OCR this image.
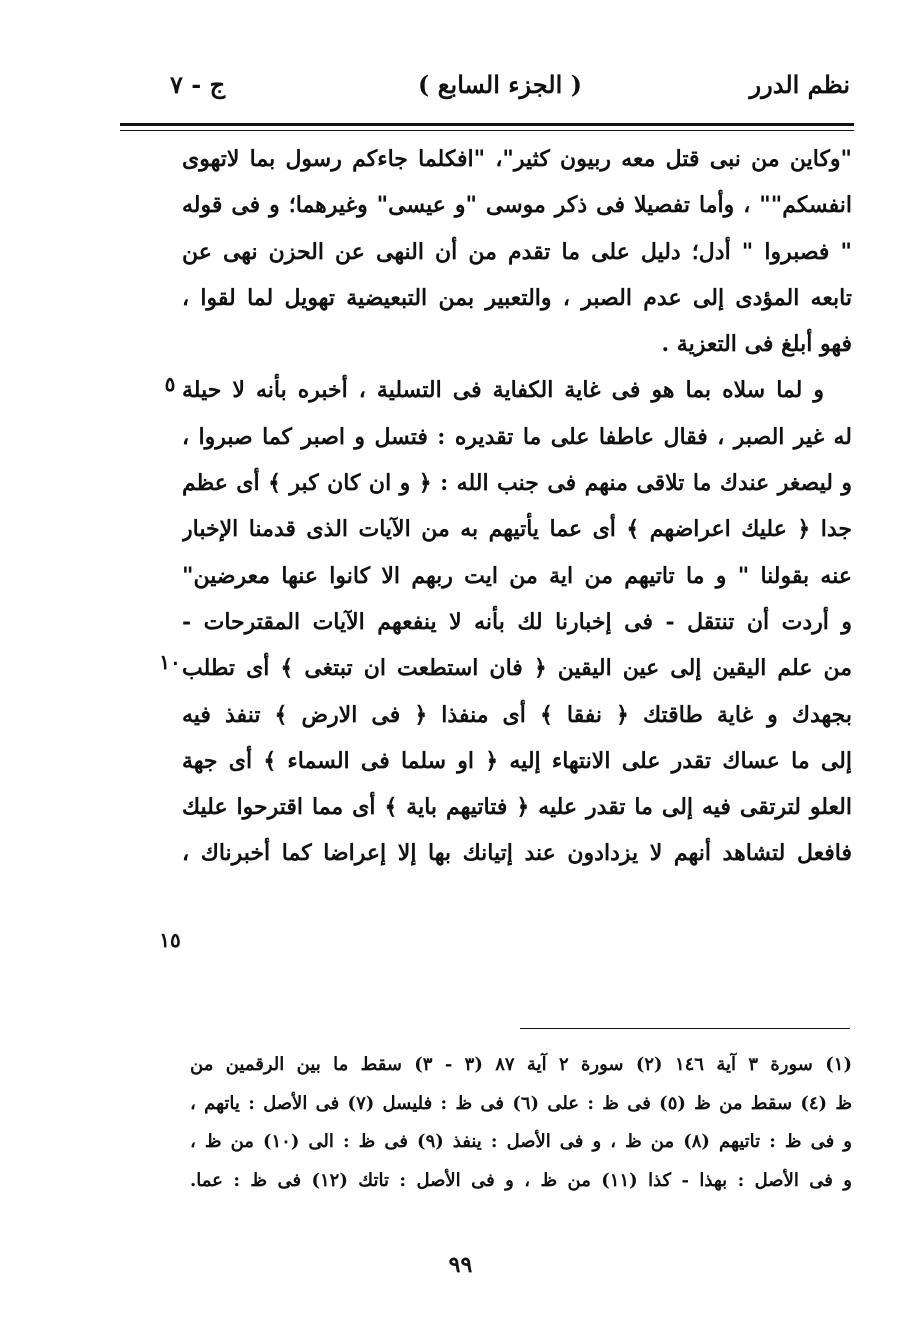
نظم الدرر
( الجزء السابع )
ج - ٧
"وكاين من نبى قتل معه ربيون كثير"، "افكلما جاءكم رسول بما لاتهوى
انفسكم"" ، وأما تفصيلا فى ذكر موسى "و عيسى" وغيرهما؛ و فى قوله
" فصبروا " أدل؛ دليل على ما تقدم من أن النهى عن الحزن نهى عن
تابعه المؤدى إلى عدم الصبر ، والتعبير بمن التبعيضية تهويل لما لقوا ،
فهو أبلغ فى التعزية .
و لما سلاه بما هو فى غاية الكفاية فى التسلية ، أخبره بأنه لا حيلة
له غير الصبر ، فقال عاطفا على ما تقديره : فتسل و اصبر كما صبروا ،
و ليصغر عندك ما تلاقى منهم فى جنب الله : ﴿ و ان كان كبر ﴾ أى عظم
جدا ﴿ عليك اعراضهم ﴾ أى عما يأتيهم به من الآيات الذى قدمنا الإخبار
عنه بقولنا " و ما تاتيهم من اية من ايت ربهم الا كانوا عنها معرضين"
و أردت أن تنتقل - فى إخبارنا لك بأنه لا ينفعهم الآيات المقترحات -
من علم اليقين إلى عين اليقين ﴿ فان استطعت ان تبتغى ﴾ أى تطلب
بجهدك و غاية طاقتك ﴿ نفقا ﴾ أى منفذا ﴿ فى الارض ﴾ تنفذ فيه
إلى ما عساك تقدر على الانتهاء إليه ﴿ او سلما فى السماء ﴾ أى جهة
العلو لترتقى فيه إلى ما تقدر عليه ﴿ فتاتيهم باية ﴾ أى مما اقترحوا عليك
فافعل لتشاهد أنهم لا يزدادون عند إتيانك بها إلا إعراضا كما أخبرناك ،
٥
١٠
١٥
(١) سورة ٣ آية ١٤٦ (٢) سورة ٢ آية ٨٧ (٣ - ٣) سقط ما بين الرقمين من
ظ (٤) سقط من ظ (٥) فى ظ : على (٦) فى ظ : فليسل (٧) فى الأصل : ياتهم ،
و فى ظ : تاتيهم (٨) من ظ ، و فى الأصل : ينفذ (٩) فى ظ : الى (١٠) من ظ ،
و فى الأصل : بهذا - كذا (١١) من ظ ، و فى الأصل : تاتك (١٢) فى ظ : عما.
٩٩
